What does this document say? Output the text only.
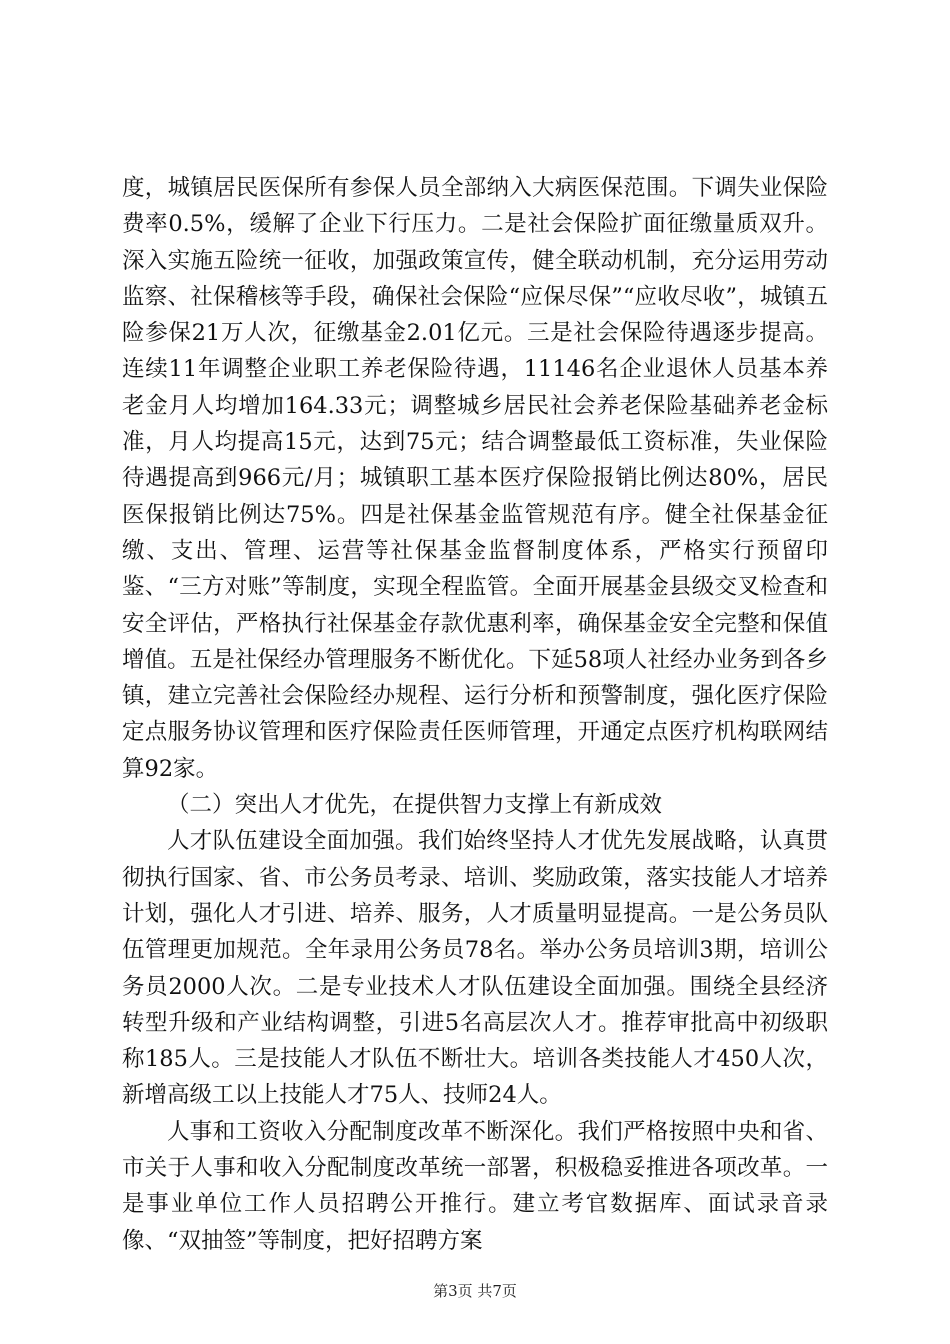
度，城镇居民医保所有参保人员全部纳入大病医保范围。下调失业保险费率0.5%，缓解了企业下行压力。二是社会保险扩面征缴量质双升。深入实施五险统一征收，加强政策宣传，健全联动机制，充分运用劳动监察、社保稽核等手段，确保社会保险“应保尽保”“应收尽收”，城镇五险参保21万人次，征缴基金2.01亿元。三是社会保险待遇逐步提高。连续11年调整企业职工养老保险待遇，11146名企业退休人员基本养老金月人均增加164.33元；调整城乡居民社会养老保险基础养老金标准，月人均提高15元，达到75元；结合调整最低工资标准，失业保险待遇提高到966元/月；城镇职工基本医疗保险报销比例达80%，居民医保报销比例达75%。四是社保基金监管规范有序。健全社保基金征缴、支出、管理、运营等社保基金监督制度体系，严格实行预留印鉴、“三方对账”等制度，实现全程监管。全面开展基金县级交叉检查和安全评估，严格执行社保基金存款优惠利率，确保基金安全完整和保值增值。五是社保经办管理服务不断优化。下延58项人社经办业务到各乡镇，建立完善社会保险经办规程、运行分析和预警制度，强化医疗保险定点服务协议管理和医疗保险责任医师管理，开通定点医疗机构联网结算92家。

（二）突出人才优先，在提供智力支撑上有新成效

人才队伍建设全面加强。我们始终坚持人才优先发展战略，认真贯彻执行国家、省、市公务员考录、培训、奖励政策，落实技能人才培养计划，强化人才引进、培养、服务，人才质量明显提高。一是公务员队伍管理更加规范。全年录用公务员78名。举办公务员培训3期，培训公务员2000人次。二是专业技术人才队伍建设全面加强。围绕全县经济转型升级和产业结构调整，引进5名高层次人才。推荐审批高中初级职称185人。三是技能人才队伍不断壮大。培训各类技能人才450人次，新增高级工以上技能人才75人、技师24人。

人事和工资收入分配制度改革不断深化。我们严格按照中央和省、市关于人事和收入分配制度改革统一部署，积极稳妥推进各项改革。一是事业单位工作人员招聘公开推行。建立考官数据库、面试录音录像、“双抽签”等制度，把好招聘方案

第3页 共7页
